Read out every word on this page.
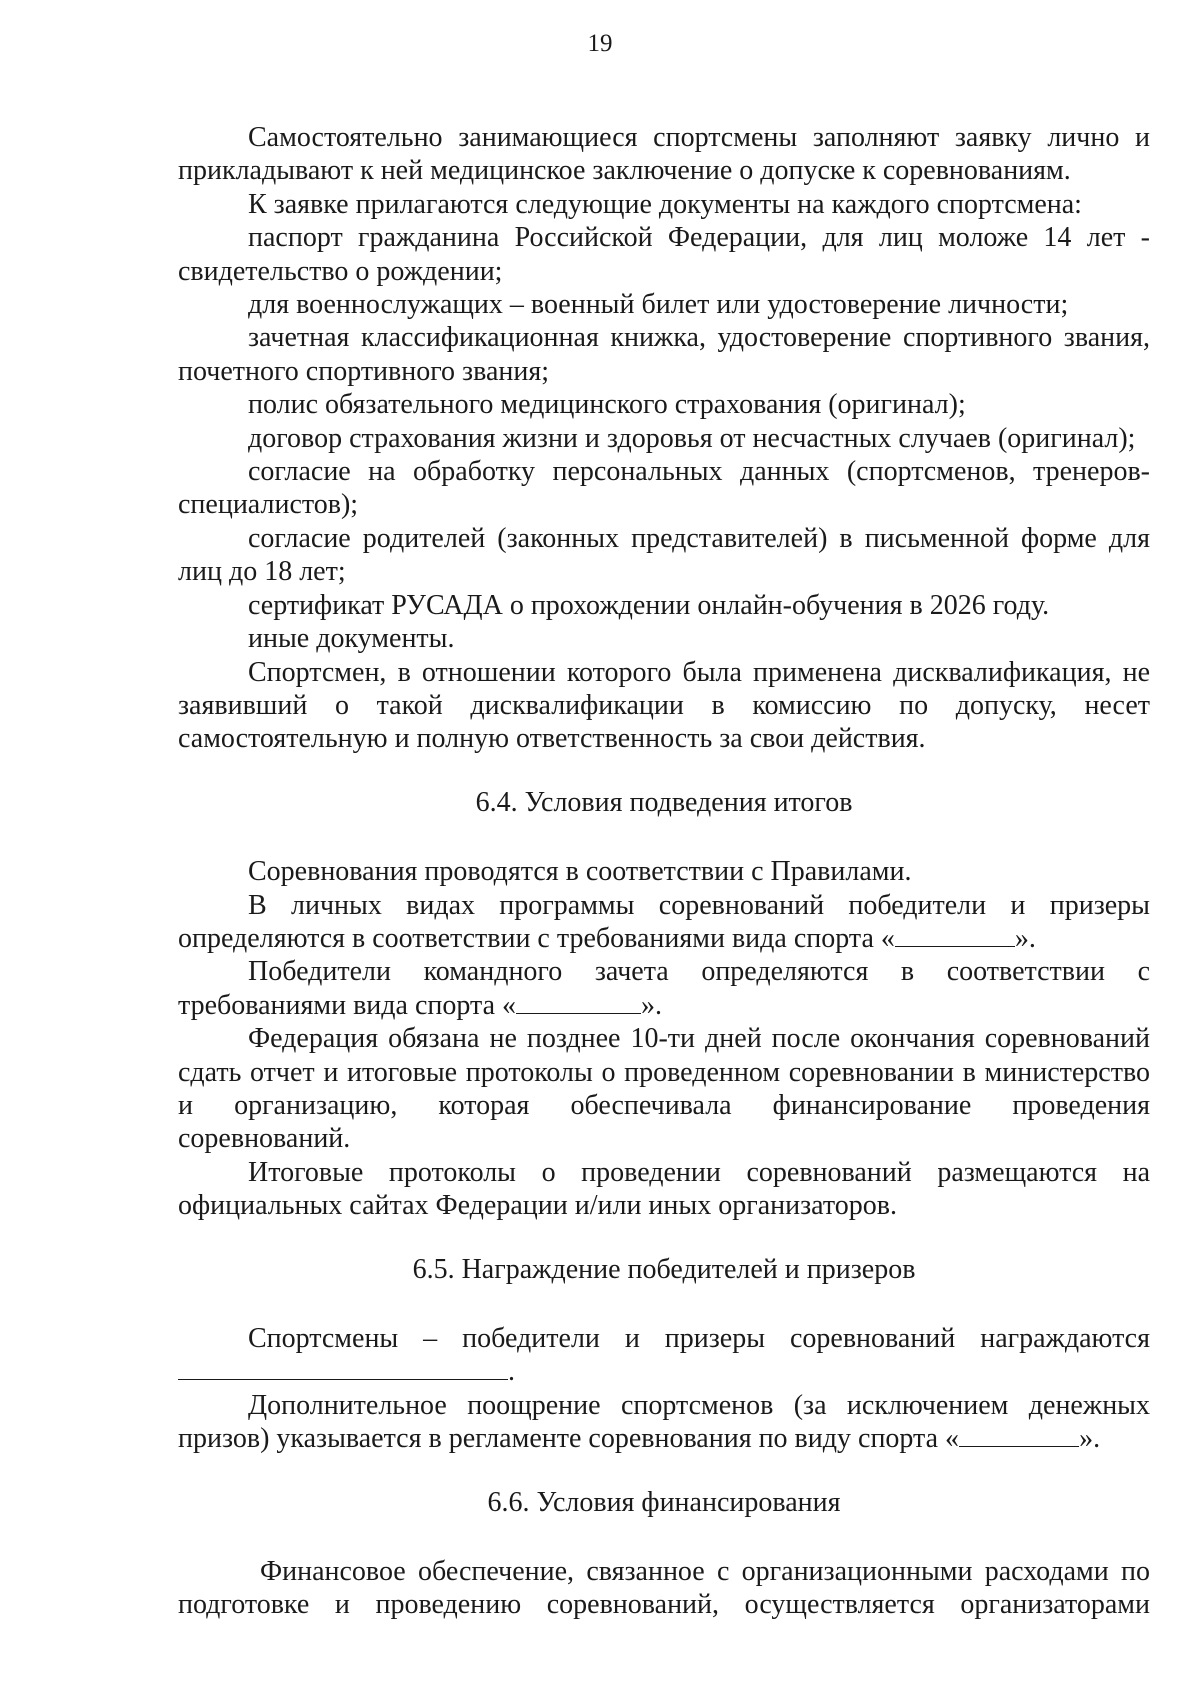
19

Самостоятельно занимающиеся спортсмены заполняют заявку лично и прикладывают к ней медицинское заключение о допуске к соревнованиям.

К заявке прилагаются следующие документы на каждого спортсмена:

паспорт гражданина Российской Федерации, для лиц моложе 14 лет - свидетельство о рождении;

для военнослужащих – военный билет или удостоверение личности;

зачетная классификационная книжка, удостоверение спортивного звания, почетного спортивного звания;

полис обязательного медицинского страхования (оригинал);

договор страхования жизни и здоровья от несчастных случаев (оригинал);

согласие на обработку персональных данных (спортсменов, тренеров-специалистов);

согласие родителей (законных представителей) в письменной форме для лиц до 18 лет;

сертификат РУСАДА о прохождении онлайн-обучения в 2026 году.

иные документы.

Спортсмен, в отношении которого была применена дисквалификация, не заявивший о такой дисквалификации в комиссию по допуску, несет самостоятельную и полную ответственность за свои действия.

6.4. Условия подведения итогов

Соревнования проводятся в соответствии с Правилами.

В личных видах программы соревнований победители и призеры определяются в соответствии с требованиями вида спорта «	».

Победители командного зачета определяются в соответствии с требованиями вида спорта «	».

Федерация обязана не позднее 10-ти дней после окончания соревнований сдать отчет и итоговые протоколы о проведенном соревновании в министерство и организацию, которая обеспечивала финансирование проведения соревнований.

Итоговые протоколы о проведении соревнований размещаются на официальных сайтах Федерации и/или иных организаторов.

6.5. Награждение победителей и призеров

Спортсмены – победители и призеры соревнований награждаются

.

Дополнительное поощрение спортсменов (за исключением денежных призов) указывается в регламенте соревнования по виду спорта «	».

6.6. Условия финансирования

Финансовое обеспечение, связанное с организационными расходами по подготовке и проведению соревнований, осуществляется организаторами
